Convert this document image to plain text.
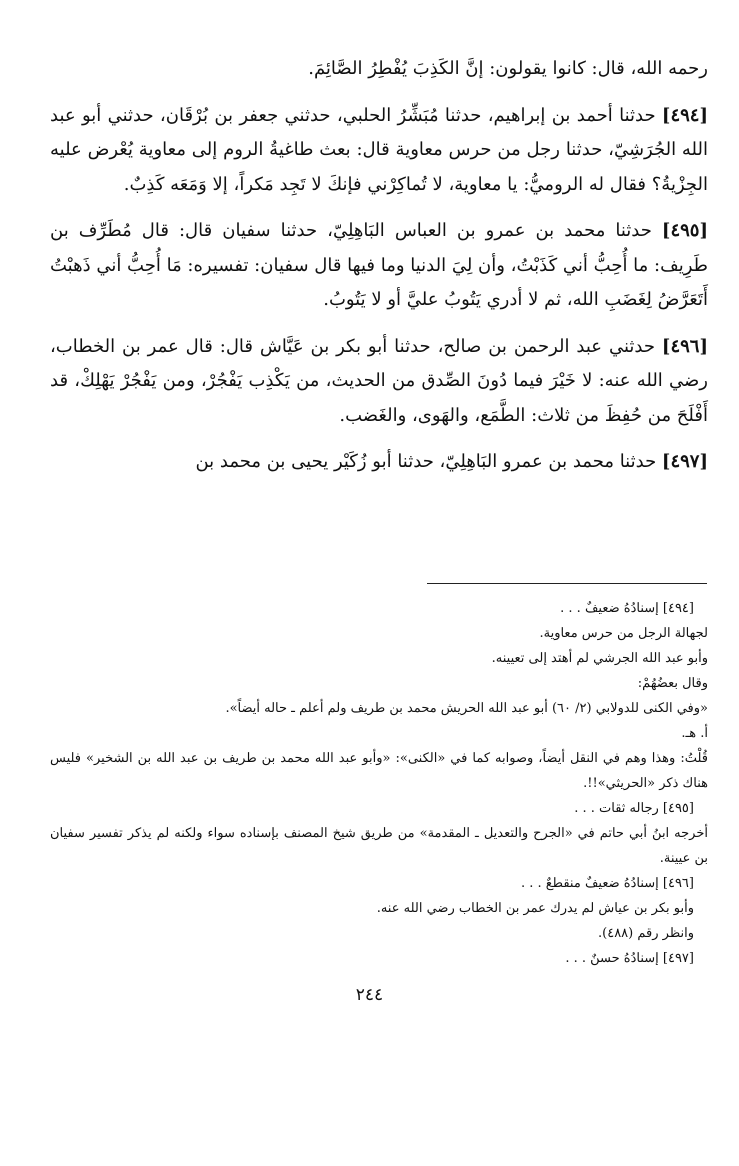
رحمه الله، قال: كانوا يقولون: إنَّ الكَذِبَ يُفْطِرُ الصَّائِمَ.

[٤٩٤] حدثنا أحمد بن إبراهيم، حدثنا مُبَشِّرُ الحلبي، حدثني جعفر بن بُرْقَان، حدثني أبو عبد الله الجُرَشِيّ، حدثنا رجل من حرس معاوية قال: بعث طاغيةُ الروم إلى معاوية يُعْرض عليه الجِزْيةُ؟ فقال له الروميُّ: يا معاوية، لا تُماكِرْني فإنكَ لا تَجِد مَكراً، إلا وَمَعَه كَذِبٌ.

[٤٩٥] حدثنا محمد بن عمرو بن العباس البَاهِلِيّ، حدثنا سفيان قال: قال مُطَرِّف بن طَرِيف: ما أُحِبُّ أني كَذَبْتُ، وأن لِيَ الدنيا وما فيها قال سفيان: تفسيره: مَا أُحِبُّ أني ذَهبْتُ أَتَعَرَّضُ لِغَضَبِ الله، ثم لا أدري يَتُوبُ عليَّ أو لا يَتُوبُ.

[٤٩٦] حدثني عبد الرحمن بن صالح، حدثنا أبو بكر بن عَيَّاش قال: قال عمر بن الخطاب، رضي الله عنه: لا خَيْرَ فيما دُونَ الصِّدق من الحديث، من يَكْذِب يَفْجُرْ، ومن يَفْجُرْ يَهْلِكْ، قد أَفْلَحَ من حُفِظَ من ثلاث: الطَّمَع، والهَوى، والغَضب.

[٤٩٧] حدثنا محمد بن عمرو البَاهِلِيّ، حدثنا أبو زُكَيْر يحيى بن محمد بن

[٤٩٤] إسنادُهُ ضعيفٌ . . .

لجهالة الرجل من حرس معاوية.

وأبو عبد الله الجرشي لم أهتد إلى تعيينه.

وقال بعضُهُمْ:

«وفي الكنى للدولابي (٢/ ٦٠) أبو عبد الله الحريش محمد بن طريف ولم أعلم ـ حاله أيضاً».

أ. هـ.

قُلْتُ: وهذا وهم في النقل أيضاً، وصوابه كما في «الكنى»: «وأبو عبد الله محمد بن طريف بن عبد الله بن الشخير» فليس هناك ذكر «الحريثي»!!.

[٤٩٥] رجاله ثقات . . .

أخرجه ابنُ أبي حاتم في «الجرح والتعديل ـ المقدمة» من طريق شيخ المصنف بإسناده سواء ولكنه لم يذكر تفسير سفيان بن عيينة.

[٤٩٦] إسنادُهُ ضعيفٌ منقطعٌ . . .

وأبو بكر بن عياش لم يدرك عمر بن الخطاب رضي الله عنه.

وانظر رقم (٤٨٨).

[٤٩٧] إسنادُهُ حسنٌ . . .

٢٤٤
